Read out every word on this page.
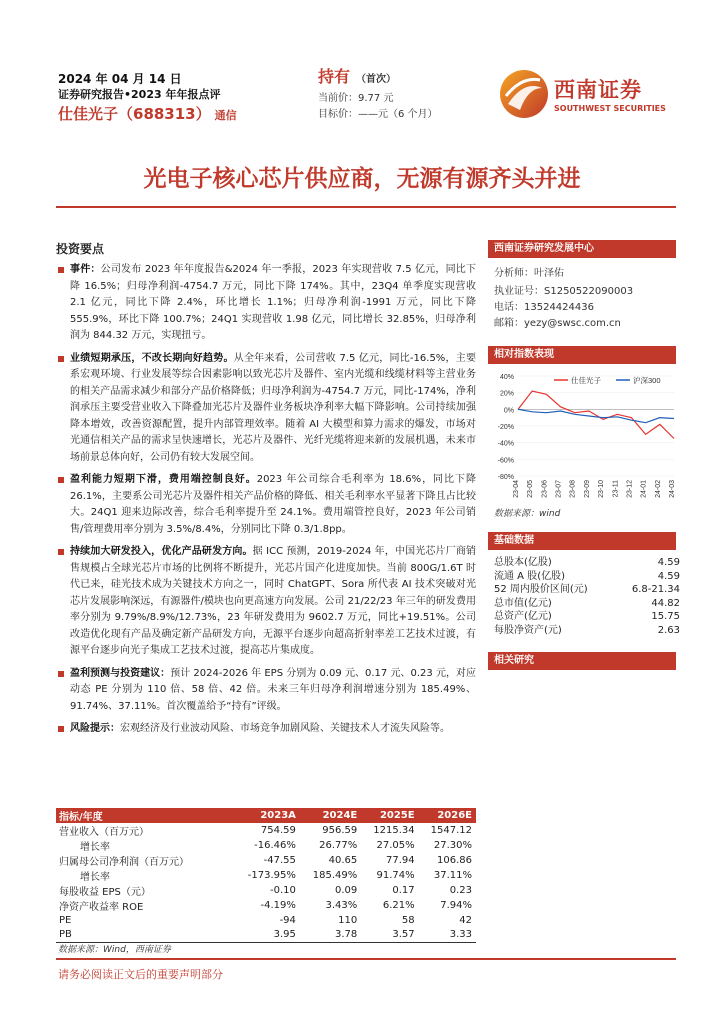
2024 年 04 月 14 日
证券研究报告•2023 年年报点评
仕佳光子（688313） 通信
持有 （首次）
当前价：9.77 元
目标价：——元（6 个月）
西南证券
SOUTHWEST SECURITIES
光电子核心芯片供应商，无源有源齐头并进
投资要点
事件：公司发布 2023 年年度报告&2024 年一季报，2023 年实现营收 7.5 亿元，同比下降 16.5%；归母净利润-4754.7 万元，同比下降 174%。其中，23Q4 单季度实现营收 2.1 亿元，同比下降 2.4%，环比增长 1.1%；归母净利润-1991 万元，同比下降 555.9%，环比下降 100.7%；24Q1 实现营收 1.98 亿元，同比增长 32.85%，归母净利润为 844.32 万元，实现扭亏。
业绩短期承压，不改长期向好趋势。从全年来看，公司营收 7.5 亿元，同比-16.5%，主要系宏观环境、行业发展等综合因素影响以致光芯片及器件、室内光缆和线缆材料等主营业务的相关产品需求减少和部分产品价格降低；归母净利润为-4754.7 万元，同比-174%，净利润承压主要受营业收入下降叠加光芯片及器件业务板块净利率大幅下降影响。公司持续加强降本增效，改善资源配置，提升内部管理效率。随着 AI 大模型和算力需求的爆发，市场对光通信相关产品的需求呈快速增长，光芯片及器件、光纤光缆将迎来新的发展机遇，未来市场前景总体向好，公司仍有较大发展空间。
盈利能力短期下滑，费用端控制良好。2023 年公司综合毛利率为 18.6%，同比下降 26.1%，主要系公司光芯片及器件相关产品价格的降低、相关毛利率水平显著下降且占比较大。24Q1 迎来边际改善，综合毛利率提升至 24.1%。费用端管控良好，2023 年公司销售/管理费用率分别为 3.5%/8.4%，分别同比下降 0.3/1.8pp。
持续加大研发投入，优化产品研发方向。据 ICC 预测，2019-2024 年，中国光芯片厂商销售规模占全球光芯片市场的比例将不断提升，光芯片国产化进度加快。当前 800G/1.6T 时代已来，硅光技术成为关键技术方向之一，同时 ChatGPT、Sora 所代表 AI 技术突破对光芯片发展影响深远，有源器件/模块也向更高速方向发展。公司 21/22/23 年三年的研发费用率分别为 9.79%/8.9%/12.73%，23 年研发费用为 9602.7 万元，同比+19.51%。公司改造优化现有产品及确定新产品研发方向，无源平台逐步向超高折射率差工艺技术过渡，有源平台逐步向光子集成工艺技术过渡，提高芯片集成度。
盈利预测与投资建议：预计 2024-2026 年 EPS 分别为 0.09 元、0.17 元、0.23 元，对应动态 PE 分别为 110 倍、58 倍、42 倍。未来三年归母净利润增速分别为 185.49%、91.74%、37.11%。首次覆盖给予“持有”评级。
风险提示：宏观经济及行业波动风险、市场竞争加剧风险、关键技术人才流失风险等。
西南证券研究发展中心
分析师：叶泽佑
执业证号：S1250522090003
电话：13524424436
邮箱：yezy@swsc.com.cn
相对指数表现
40%
20%
0%
-20%
-40%
-60%
-80%
23-04 23-05 23-06 23-07 23-08 23-09 23-10 23-11 23-12 24-01 24-02 24-03
仕佳光子	沪深300
数据来源：wind
基础数据
总股本(亿股)	4.59
流通 A 股(亿股)	4.59
52 周内股价区间(元)	6.8-21.34
总市值(亿元)	44.82
总资产(亿元)	15.75
每股净资产(元)	2.63
相关研究
指标/年度	2023A	2024E	2025E	2026E
营业收入（百万元）	754.59	956.59	1215.34	1547.12
增长率	-16.46%	26.77%	27.05%	27.30%
归属母公司净利润（百万元）	-47.55	40.65	77.94	106.86
增长率	-173.95%	185.49%	91.74%	37.11%
每股收益 EPS（元）	-0.10	0.09	0.17	0.23
净资产收益率 ROE	-4.19%	3.43%	6.21%	7.94%
PE	-94	110	58	42
PB	3.95	3.78	3.57	3.33
数据来源：Wind，西南证券
请务必阅读正文后的重要声明部分
